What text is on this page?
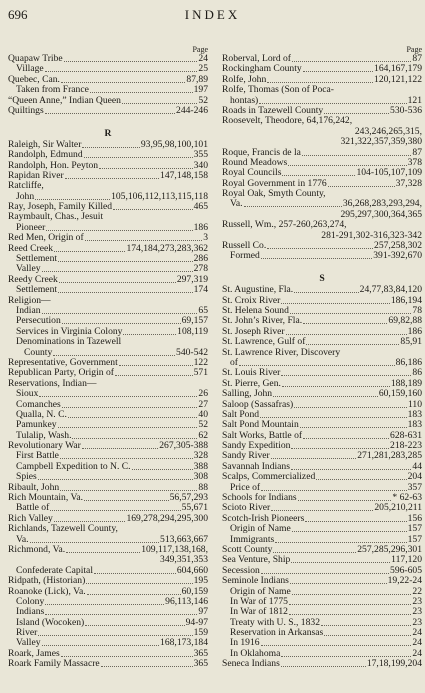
696	INDEX
Page
Quapaw Tribe	24
Village	25
Quebec, Can.	87,89
Taken from France	197
“Queen Anne,” Indian Queen	52
Quiltings	244-246
R
Raleigh, Sir Walter	93,95,98,100,101
Randolph, Edmund	355
Randolph, Hon. Peyton	340
Rapidan River	147,148,158
Ratcliffe,
John	105,106,112,113,115,118
Ray, Joseph, Family Killed	465
Raymbault, Chas., Jesuit
Pioneer	186
Red Men, Origin of	3
Reed Creek	174,184,273,283,362
Settlement	286
Valley	278
Reedy Creek	297,319
Settlement	174
Religion—
Indian	65
Persecution	69,157
Services in Virginia Colony	108,119
Denominations in Tazewell
County	540-542
Representative, Government	122
Republican Party, Origin of	571
Reservations, Indian—
Sioux	26
Comanches	27
Qualla, N. C.	40
Pamunkey	52
Tulalip, Wash.	62
Revolutionary War	267,305-388
First Battle	328
Campbell Expedition to N. C.	388
Spies	308
Ribault, John	88
Rich Mountain, Va.	56,57,293
Battle of	55,671
Rich Valley	169,278,294,295,300
Richlands, Tazewell County,
Va.	513,663,667
Richmond, Va.	109,117,138,168,
349,351,353
Confederate Capital	604,660
Ridpath, (Historian)	195
Roanoke (Lick), Va.	60,159
Colony	96,113,146
Indians	97
Island (Wocoken)	94-97
River	159
Valley	168,173,184
Roark, James	365
Roark Family Massacre	365
Page
Roberval, Lord of	87
Rockingham County	164,167,179
Rolfe, John	120,121,122
Rolfe, Thomas (Son of Poca-
hontas)	121
Roads in Tazewell County	530-536
Roosevelt, Theodore, 64,176,242,
243,246,265,315,
321,322,357,359,380
Roque, Francis de la	87
Round Meadows	378
Royal Councils	104-105,107,109
Royal Government in 1776	37,328
Royal Oak, Smyth County,
Va.	36,268,283,293,294,
295,297,300,364,365
Russell, Wm., 257-260,263,274,
281-291,302-316,323-342
Russell Co.	257,258,302
Formed	391-392,670
S
St. Augustine, Fla.	24,77,83,84,120
St. Croix River	186,194
St. Helena Sound	78
St. John’s River, Fla.	69,82,88
St. Joseph River	186
St. Lawrence, Gulf of	85,91
St. Lawrence River, Discovery
of	86,186
St. Louis River	86
St. Pierre, Gen.	188,189
Salling, John	60,159,160
Saloop (Sassafras)	110
Salt Pond	183
Salt Pond Mountain	183
Salt Works, Battle of	628-631
Sandy Expedition	218-223
Sandy River	271,281,283,285
Savannah Indians	44
Scalps, Commercialized	204
Price of	357
Schools for Indians	* 62-63
Scioto River	205,210,211
Scotch-Irish Pioneers	156
Origin of Name	157
Immigrants	157
Scott County	257,285,296,301
Sea Venture, Ship	117,120
Secession	596-605
Seminole Indians	19,22-24
Origin of Name	22
In War of 1775	23
In War of 1812	23
Treaty with U. S., 1832	23
Reservation in Arkansas	24
In 1916	24
In Oklahoma	24
Seneca Indians	17,18,199,204
